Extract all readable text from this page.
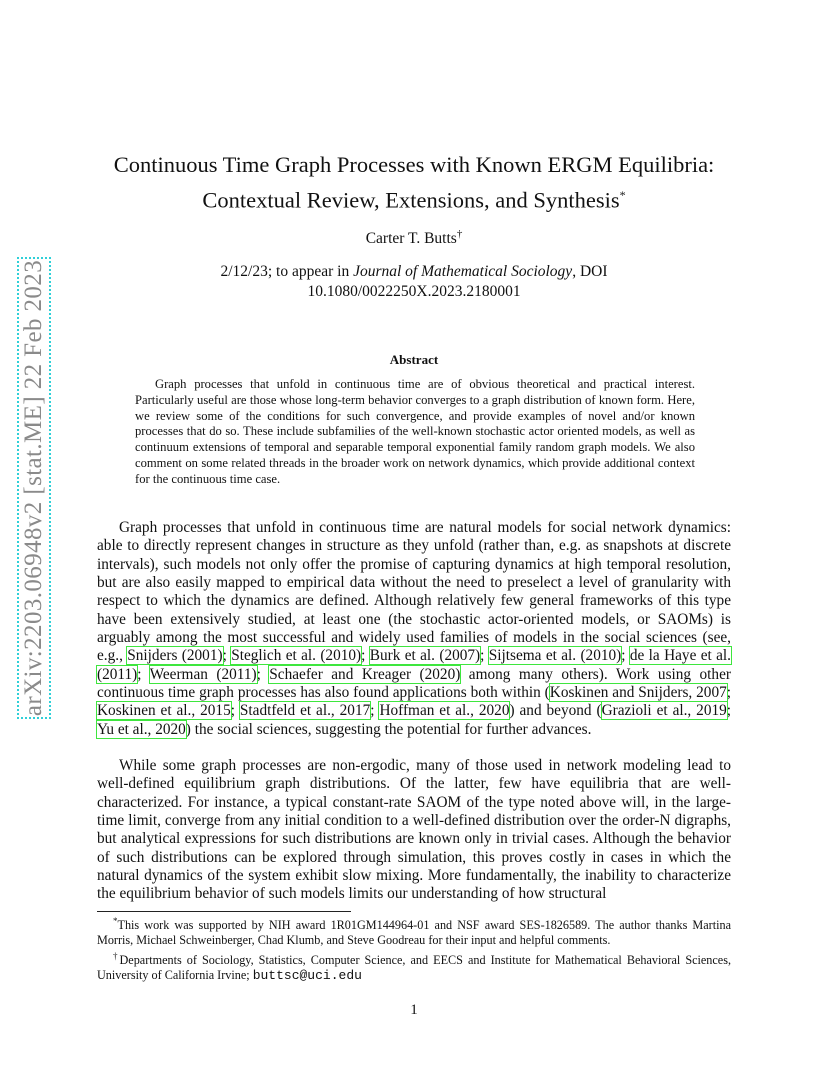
arXiv:2203.06948v2 [stat.ME] 22 Feb 2023
Continuous Time Graph Processes with Known ERGM Equilibria:
Contextual Review, Extensions, and Synthesis*
Carter T. Butts†
2/12/23; to appear in Journal of Mathematical Sociology, DOI
10.1080/0022250X.2023.2180001
Abstract
Graph processes that unfold in continuous time are of obvious theoretical and practical interest. Particularly useful are those whose long-term behavior converges to a graph distribution of known form. Here, we review some of the conditions for such convergence, and provide examples of novel and/or known processes that do so. These include subfamilies of the well-known stochastic actor oriented models, as well as continuum extensions of temporal and separable temporal exponential family random graph models. We also comment on some related threads in the broader work on network dynamics, which provide additional context for the continuous time case.

Graph processes that unfold in continuous time are natural models for social network dynamics: able to directly represent changes in structure as they unfold (rather than, e.g. as snapshots at discrete intervals), such models not only offer the promise of capturing dynamics at high temporal resolution, but are also easily mapped to empirical data without the need to preselect a level of granularity with respect to which the dynamics are defined. Although relatively few general frameworks of this type have been extensively studied, at least one (the stochastic actor-oriented models, or SAOMs) is arguably among the most successful and widely used families of models in the social sciences (see, e.g., Snijders (2001); Steglich et al. (2010); Burk et al. (2007); Sijtsema et al. (2010); de la Haye et al. (2011); Weerman (2011); Schaefer and Kreager (2020) among many others). Work using other continuous time graph processes has also found applications both within (Koskinen and Snijders, 2007; Koskinen et al., 2015; Stadtfeld et al., 2017; Hoffman et al., 2020) and beyond (Grazioli et al., 2019; Yu et al., 2020) the social sciences, suggesting the potential for further advances.

While some graph processes are non-ergodic, many of those used in network modeling lead to well-defined equilibrium graph distributions. Of the latter, few have equilibria that are well-characterized. For instance, a typical constant-rate SAOM of the type noted above will, in the large-time limit, converge from any initial condition to a well-defined distribution over the order-N digraphs, but analytical expressions for such distributions are known only in trivial cases. Although the behavior of such distributions can be explored through simulation, this proves costly in cases in which the natural dynamics of the system exhibit slow mixing. More fundamentally, the inability to characterize the equilibrium behavior of such models limits our understanding of how structural

*This work was supported by NIH award 1R01GM144964-01 and NSF award SES-1826589. The author thanks Martina Morris, Michael Schweinberger, Chad Klumb, and Steve Goodreau for their input and helpful comments.

†Departments of Sociology, Statistics, Computer Science, and EECS and Institute for Mathematical Behavioral Sciences, University of California Irvine; buttsc@uci.edu

1
